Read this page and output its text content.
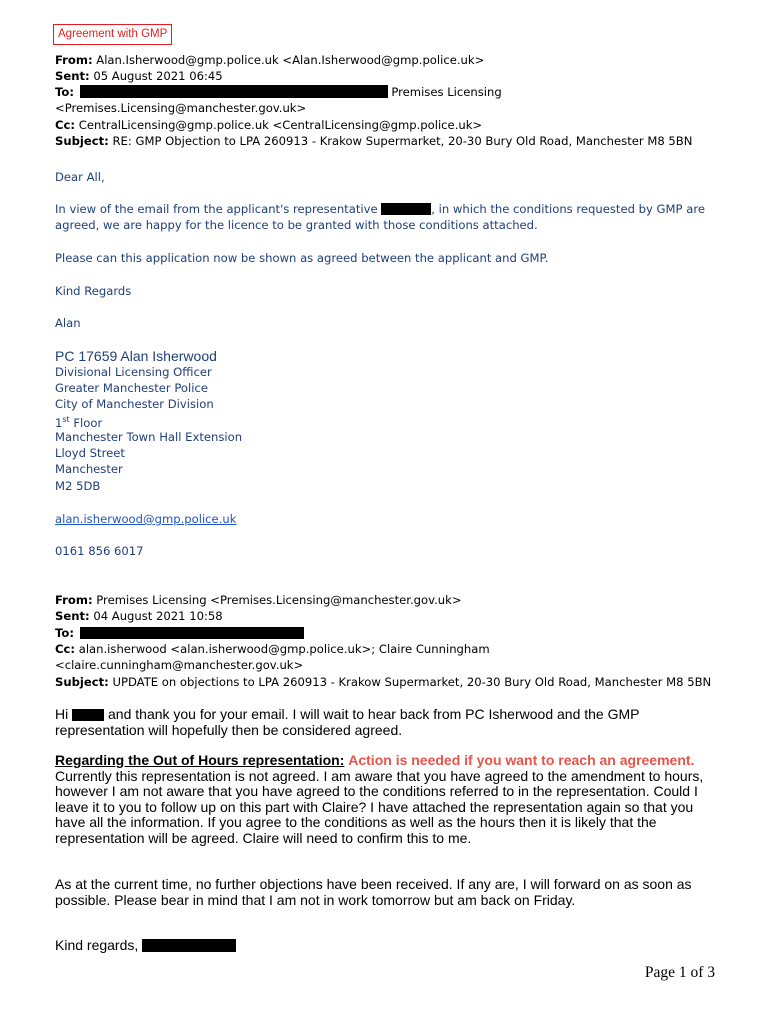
Agreement with GMP
From: Alan.Isherwood@gmp.police.uk <Alan.Isherwood@gmp.police.uk>
Sent: 05 August 2021 06:45
To:	Premises Licensing
<Premises.Licensing@manchester.gov.uk>
Cc: CentralLicensing@gmp.police.uk <CentralLicensing@gmp.police.uk>
Subject: RE: GMP Objection to LPA 260913 - Krakow Supermarket, 20-30 Bury Old Road, Manchester M8 5BN
Dear All,
In view of the email from the applicant's representative	, in which the conditions requested by GMP are
agreed, we are happy for the licence to be granted with those conditions attached.
Please can this application now be shown as agreed between the applicant and GMP.
Kind Regards
Alan
PC 17659 Alan Isherwood
Divisional Licensing Officer
Greater Manchester Police
City of Manchester Division
1st Floor
Manchester Town Hall Extension
Lloyd Street
Manchester
M2 5DB
alan.isherwood@gmp.police.uk
0161 856 6017
From: Premises Licensing <Premises.Licensing@manchester.gov.uk>
Sent: 04 August 2021 10:58
To:
Cc: alan.isherwood <alan.isherwood@gmp.police.uk>; Claire Cunningham
<claire.cunningham@manchester.gov.uk>
Subject: UPDATE on objections to LPA 260913 - Krakow Supermarket, 20-30 Bury Old Road, Manchester M8 5BN
Hi	and thank you for your email. I will wait to hear back from PC Isherwood and the GMP representation will hopefully then be considered agreed.
Regarding the Out of Hours representation: Action is needed if you want to reach an agreement. Currently this representation is not agreed. I am aware that you have agreed to the amendment to hours, however I am not aware that you have agreed to the conditions referred to in the representation. Could I leave it to you to follow up on this part with Claire? I have attached the representation again so that you have all the information. If you agree to the conditions as well as the hours then it is likely that the representation will be agreed. Claire will need to confirm this to me.
As at the current time, no further objections have been received. If any are, I will forward on as soon as possible. Please bear in mind that I am not in work tomorrow but am back on Friday.
Kind regards,
Page 1 of 3
